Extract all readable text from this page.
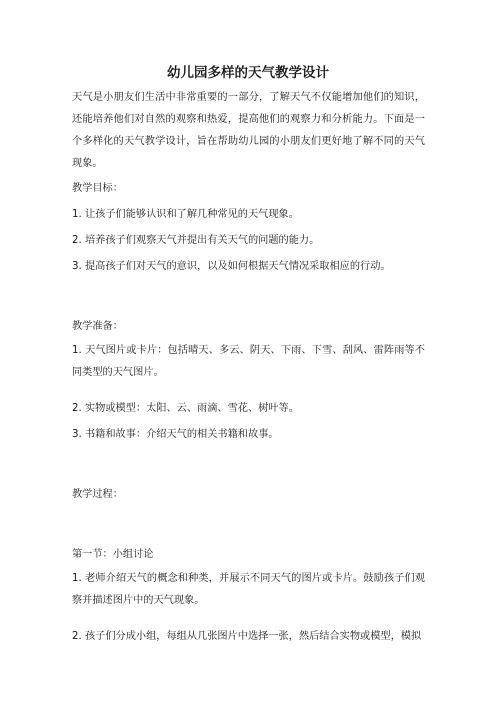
幼儿园多样的天气教学设计

天气是小朋友们生活中非常重要的一部分，了解天气不仅能增加他们的知识，还能培养他们对自然的观察和热爱，提高他们的观察力和分析能力。下面是一个多样化的天气教学设计，旨在帮助幼儿园的小朋友们更好地了解不同的天气现象。

教学目标：
1. 让孩子们能够认识和了解几种常见的天气现象。
2. 培养孩子们观察天气并提出有关天气的问题的能力。
3. 提高孩子们对天气的意识，以及如何根据天气情况采取相应的行动。
教学准备：

1. 天气图片或卡片：包括晴天、多云、阴天、下雨、下雪、刮风、雷阵雨等不同类型的天气图片。

2. 实物或模型：太阳、云、雨滴、雪花、树叶等。
3. 书籍和故事：介绍天气的相关书籍和故事。
教学过程：
第一节：小组讨论

1. 老师介绍天气的概念和种类，并展示不同天气的图片或卡片。鼓励孩子们观察并描述图片中的天气现象。

2. 孩子们分成小组，每组从几张图片中选择一张，然后结合实物或模型，模拟
